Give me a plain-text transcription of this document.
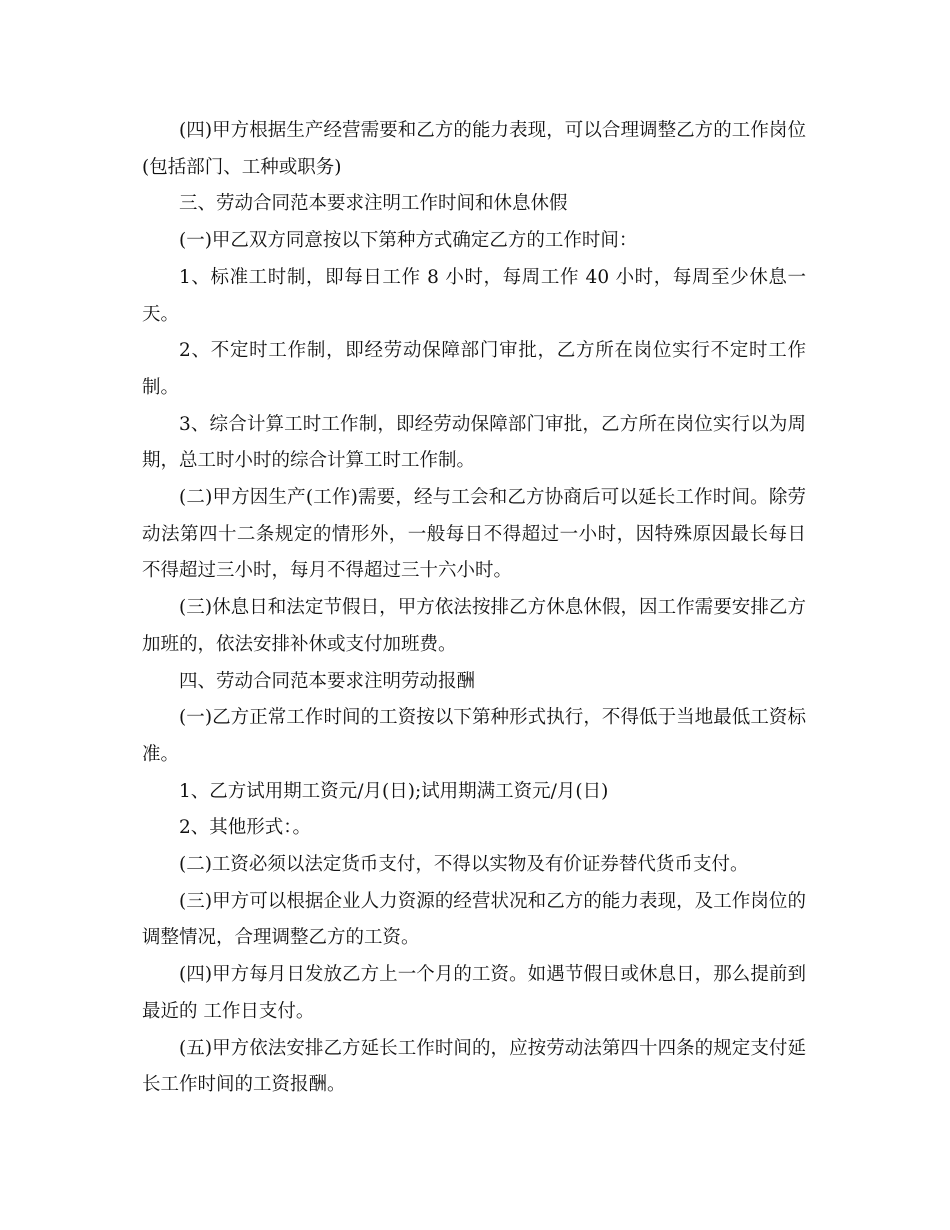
(四)甲方根据生产经营需要和乙方的能力表现，可以合理调整乙方的工作岗位(包括部门、工种或职务)

三、劳动合同范本要求注明工作时间和休息休假

(一)甲乙双方同意按以下第种方式确定乙方的工作时间：

1、标准工时制，即每日工作 8 小时，每周工作 40 小时，每周至少休息一天。

2、不定时工作制，即经劳动保障部门审批，乙方所在岗位实行不定时工作制。

3、综合计算工时工作制，即经劳动保障部门审批，乙方所在岗位实行以为周期，总工时小时的综合计算工时工作制。

(二)甲方因生产(工作)需要，经与工会和乙方协商后可以延长工作时间。除劳动法第四十二条规定的情形外，一般每日不得超过一小时，因特殊原因最长每日不得超过三小时，每月不得超过三十六小时。

(三)休息日和法定节假日，甲方依法按排乙方休息休假，因工作需要安排乙方加班的，依法安排补休或支付加班费。

四、劳动合同范本要求注明劳动报酬

(一)乙方正常工作时间的工资按以下第种形式执行，不得低于当地最低工资标准。

1、乙方试用期工资元/月(日);试用期满工资元/月(日)

2、其他形式：。

(二)工资必须以法定货币支付，不得以实物及有价证券替代货币支付。

(三)甲方可以根据企业人力资源的经营状况和乙方的能力表现，及工作岗位的调整情况，合理调整乙方的工资。

(四)甲方每月日发放乙方上一个月的工资。如遇节假日或休息日，那么提前到最近的 工作日支付。

(五)甲方依法安排乙方延长工作时间的，应按劳动法第四十四条的规定支付延长工作时间的工资报酬。
